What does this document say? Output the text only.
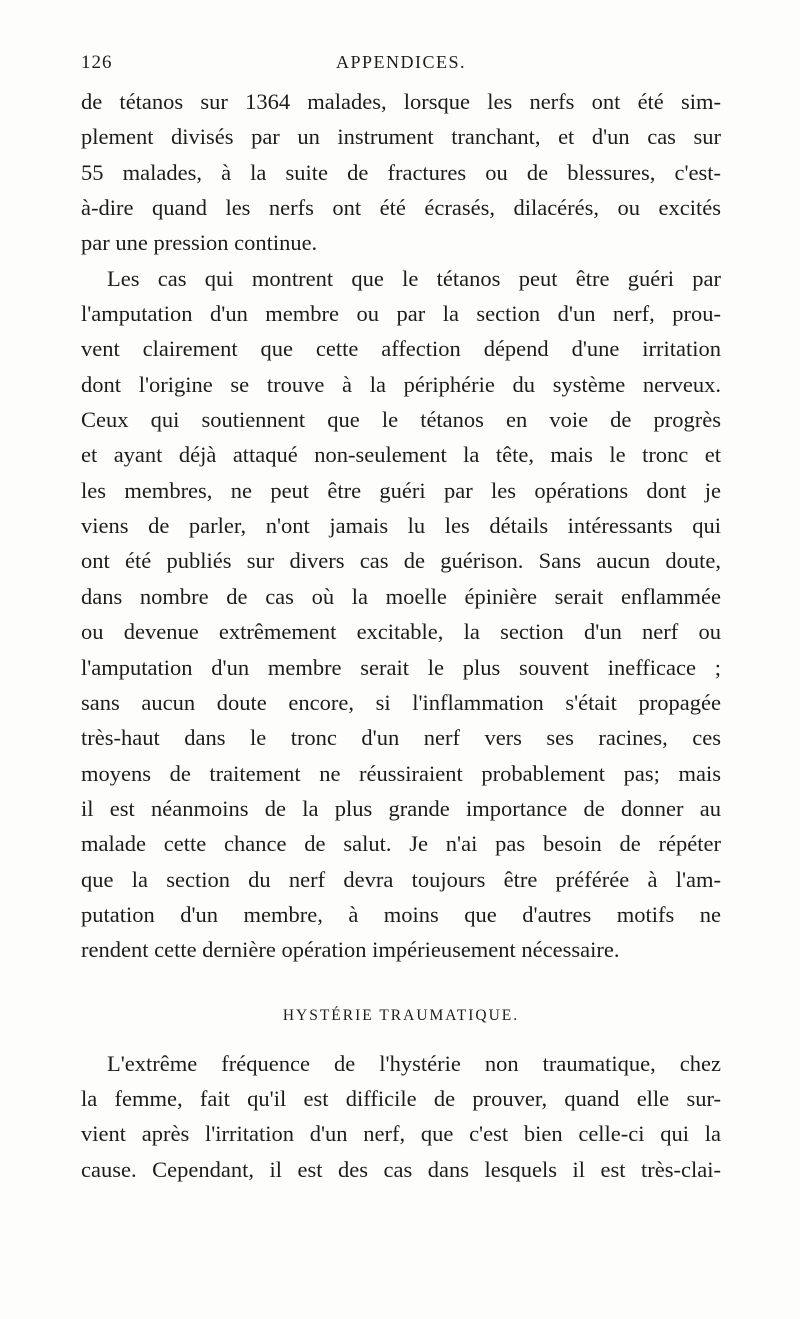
126	APPENDICES.
de tétanos sur 1364 malades, lorsque les nerfs ont été sim-
plement divisés par un instrument tranchant, et d'un cas sur
55 malades, à la suite de fractures ou de blessures, c'est-
à-dire quand les nerfs ont été écrasés, dilacérés, ou excités
par une pression continue.
Les cas qui montrent que le tétanos peut être guéri par
l'amputation d'un membre ou par la section d'un nerf, prou-
vent clairement que cette affection dépend d'une irritation
dont l'origine se trouve à la périphérie du système nerveux.
Ceux qui soutiennent que le tétanos en voie de progrès
et ayant déjà attaqué non-seulement la tête, mais le tronc et
les membres, ne peut être guéri par les opérations dont je
viens de parler, n'ont jamais lu les détails intéressants qui
ont été publiés sur divers cas de guérison. Sans aucun doute,
dans nombre de cas où la moelle épinière serait enflammée
ou devenue extrêmement excitable, la section d'un nerf ou
l'amputation d'un membre serait le plus souvent inefficace ;
sans aucun doute encore, si l'inflammation s'était propagée
très-haut dans le tronc d'un nerf vers ses racines, ces
moyens de traitement ne réussiraient probablement pas; mais
il est néanmoins de la plus grande importance de donner au
malade cette chance de salut. Je n'ai pas besoin de répéter
que la section du nerf devra toujours être préférée à l'am-
putation d'un membre, à moins que d'autres motifs ne
rendent cette dernière opération impérieusement nécessaire.
HYSTÉRIE TRAUMATIQUE.
L'extrême fréquence de l'hystérie non traumatique, chez
la femme, fait qu'il est difficile de prouver, quand elle sur-
vient après l'irritation d'un nerf, que c'est bien celle-ci qui la
cause. Cependant, il est des cas dans lesquels il est très-clai-
